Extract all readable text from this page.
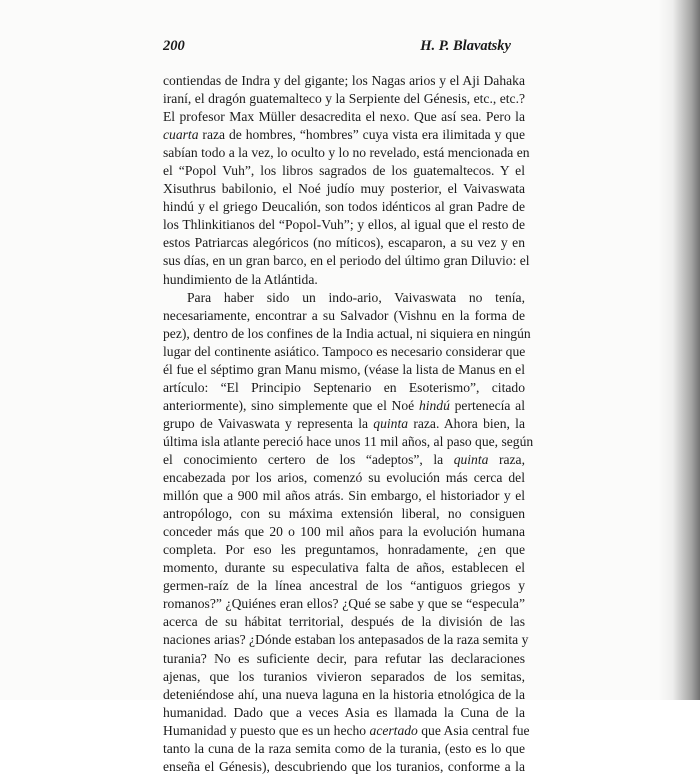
200	H. P. Blavatsky
contiendas de Indra y del gigante; los Nagas arios y el Aji Dahaka
iraní, el dragón guatemalteco y la Serpiente del Génesis, etc., etc.?
El profesor Max Müller desacredita el nexo. Que así sea. Pero la
cuarta raza de hombres, “hombres” cuya vista era ilimitada y que
sabían todo a la vez, lo oculto y lo no revelado, está mencionada en
el “Popol Vuh”, los libros sagrados de los guatemaltecos. Y el
Xisuthrus babilonio, el Noé judío muy posterior, el Vaivaswata
hindú y el griego Deucalión, son todos idénticos al gran Padre de
los Thlinkitianos del “Popol-Vuh”; y ellos, al igual que el resto de
estos Patriarcas alegóricos (no míticos), escaparon, a su vez y en
sus días, en un gran barco, en el periodo del último gran Diluvio: el
hundimiento de la Atlántida.
Para haber sido un indo-ario, Vaivaswata no tenía,
necesariamente, encontrar a su Salvador (Vishnu en la forma de
pez), dentro de los confines de la India actual, ni siquiera en ningún
lugar del continente asiático. Tampoco es necesario considerar que
él fue el séptimo gran Manu mismo, (véase la lista de Manus en el
artículo: “El Principio Septenario en Esoterismo”, citado
anteriormente), sino simplemente que el Noé hindú pertenecía al
grupo de Vaivaswata y representa la quinta raza. Ahora bien, la
última isla atlante pereció hace unos 11 mil años, al paso que, según
el conocimiento certero de los “adeptos”, la quinta raza,
encabezada por los arios, comenzó su evolución más cerca del
millón que a 900 mil años atrás. Sin embargo, el historiador y el
antropólogo, con su máxima extensión liberal, no consiguen
conceder más que 20 o 100 mil años para la evolución humana
completa. Por eso les preguntamos, honradamente, ¿en que
momento, durante su especulativa falta de años, establecen el
germen-raíz de la línea ancestral de los “antiguos griegos y
romanos?” ¿Quiénes eran ellos? ¿Qué se sabe y que se “especula”
acerca de su hábitat territorial, después de la división de las
naciones arias? ¿Dónde estaban los antepasados de la raza semita y
turania? No es suficiente decir, para refutar las declaraciones
ajenas, que los turanios vivieron separados de los semitas,
deteniéndose ahí, una nueva laguna en la historia etnológica de la
humanidad. Dado que a veces Asia es llamada la Cuna de la
Humanidad y puesto que es un hecho acertado que Asia central fue
tanto la cuna de la raza semita como de la turania, (esto es lo que
enseña el Génesis), descubriendo que los turanios, conforme a la
